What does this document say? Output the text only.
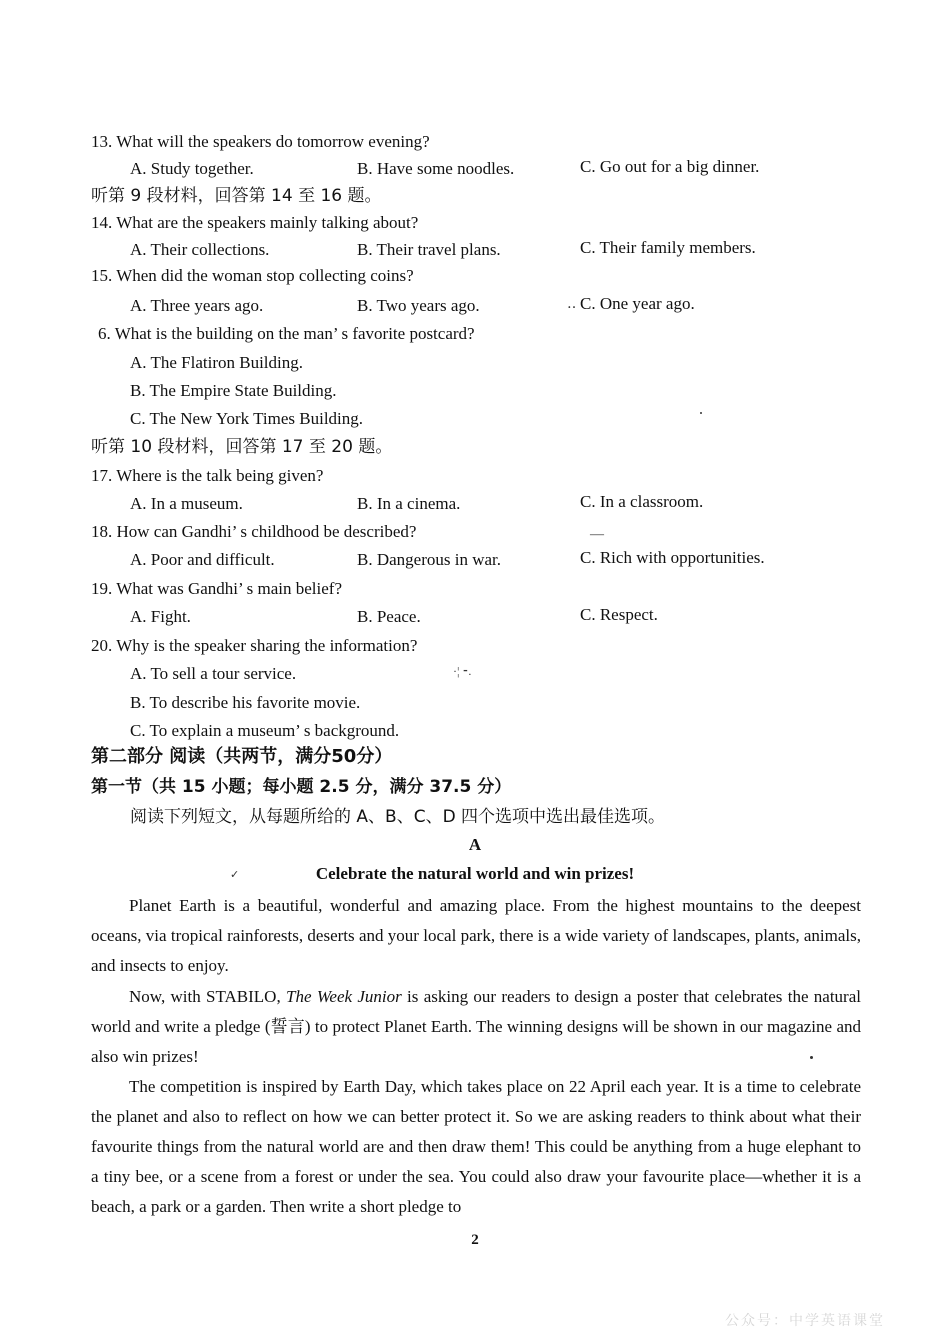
13. What will the speakers do tomorrow evening?
A. Study together.	B. Have some noodles.	C. Go out for a big dinner.
听第 9 段材料，回答第 14 至 16 题。
14. What are the speakers mainly talking about?
A. Their collections.	B. Their travel plans.	C. Their family members.
15. When did the woman stop collecting coins?
A. Three years ago.	B. Two years ago.	‥ C. One year ago.
6. What is the building on the man’ s favorite postcard?
A. The Flatiron Building.
B. The Empire State Building.
C. The New York Times Building.
听第 10 段材料，回答第 17 至 20 题。
17. Where is the talk being given?
A. In a museum.	B. In a cinema.	C. In a classroom.
18. How can Gandhi’ s childhood be described?	—
A. Poor and difficult.	B. Dangerous in war.	C. Rich with opportunities.
19. What was Gandhi’ s main belief?
A. Fight.	B. Peace.	C. Respect.
20. Why is the speaker sharing the information?
A. To sell a tour service.	·¦ ⁃.
B. To describe his favorite movie.
C. To explain a museum’ s background.
第二部分 阅读（共两节，满分50分）
第一节（共 15 小题；每小题 2.5 分，满分 37.5 分）
阅读下列短文，从每题所给的 A、B、C、D 四个选项中选出最佳选项。
A
✓	Celebrate the natural world and win prizes!
Planet Earth is a beautiful, wonderful and amazing place. From the highest mountains to the deepest oceans, via tropical rainforests, deserts and your local park, there is a wide variety of landscapes, plants, animals, and insects to enjoy.
Now, with STABILO, The Week Junior is asking our readers to design a poster that celebrates the natural world and write a pledge (誓言) to protect Planet Earth. The winning designs will be shown in our magazine and also win prizes!
The competition is inspired by Earth Day, which takes place on 22 April each year. It is a time to celebrate the planet and also to reflect on how we can better protect it. So we are asking readers to think about what their favourite things from the natural world are and then draw them! This could be anything from a huge elephant to a tiny bee, or a scene from a forest or under the sea. You could also draw your favourite place—whether it is a beach, a park or a garden. Then write a short pledge to
2
公众号：中学英语课堂
